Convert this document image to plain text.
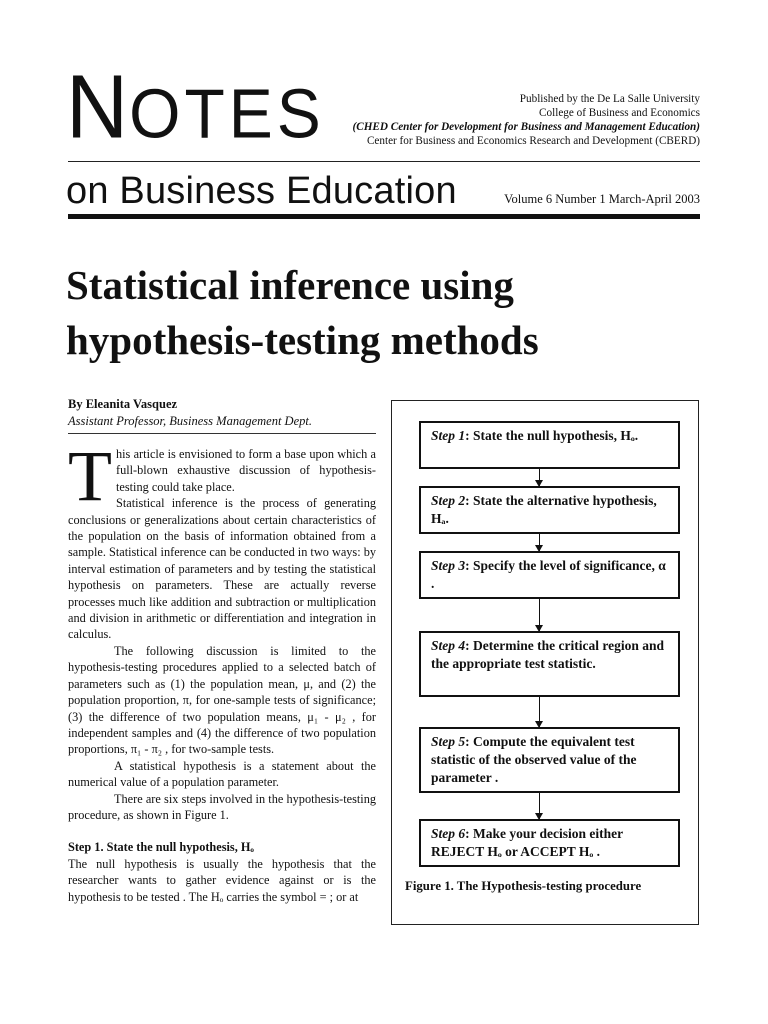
NOTES	Published by the De La Salle University
College of Business and Economics
(CHED Center for Development for Business and Management Education)
Center for Business and Economics Research and Development (CBERD)
on Business Education	Volume 6 Number 1 March-April 2003
Statistical inference using hypothesis-testing methods
By Eleanita Vasquez
Assistant Professor, Business Management Dept.

This article is envisioned to form a base upon which a full-blown exhaustive discussion of hypothesis-testing could take place.

Statistical inference is the process of generating conclusions or generalizations about certain characteristics of the population on the basis of information obtained from a sample. Statistical inference can be conducted in two ways: by interval estimation of parameters and by testing the statistical hypothesis on parameters. These are actually reverse processes much like addition and subtraction or multiplication and division in arithmetic or differentiation and integration in calculus.

The following discussion is limited to the hypothesis-testing procedures applied to a selected batch of parameters such as (1) the population mean, μ, and (2) the population proportion, π, for one-sample tests of significance; (3) the difference of two population means, μ₁ - μ₂ , for independent samples and (4) the difference of two population proportions, π₁ - π₂ , for two-sample tests.

A statistical hypothesis is a statement about the numerical value of a population parameter.

There are six steps involved in the hypothesis-testing procedure, as shown in Figure 1.

Step 1. State the null hypothesis, Hₒ

The null hypothesis is usually the hypothesis that the researcher wants to gather evidence against or is the hypothesis to be tested . The Hₒ carries the symbol = ; or at

Step 1: State the null hypothesis, Hₒ.
Step 2: State the alternative hypothesis, Hₐ.
Step 3: Specify the level of significance, α .
Step 4: Determine the critical region and the appropriate test statistic.
Step 5: Compute the equivalent test statistic of the observed value of the parameter .
Step 6: Make your decision either REJECT Hₒ or ACCEPT Hₒ .
Figure 1. The Hypothesis-testing procedure
